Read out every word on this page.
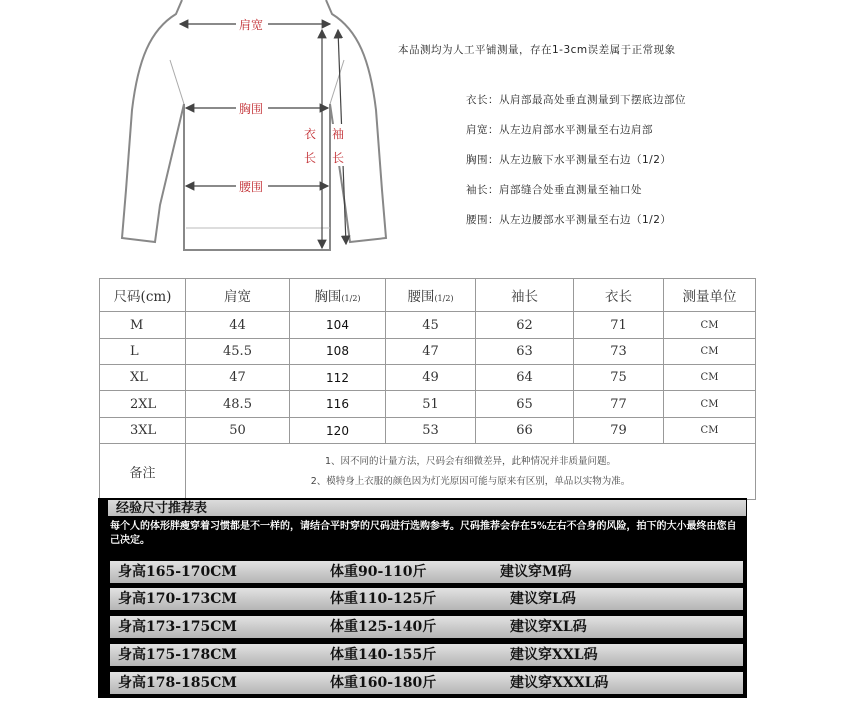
肩宽
胸围
腰围
衣
长
袖
长
本品测均为人工平铺测量，存在1-3cm误差属于正常现象
衣长：从肩部最高处垂直测量到下摆底边部位
肩宽：从左边肩部水平测量至右边肩部
胸围：从左边腋下水平测量至右边（1/2）
袖长：肩部缝合处垂直测量至袖口处
腰围：从左边腰部水平测量至右边（1/2）
尺码(cm)	肩宽	胸围(1/2)	腰围(1/2)	袖长	衣长	测量单位
M	44	104	45	62	71	CM
L	45.5	108	47	63	73	CM
XL	47	112	49	64	75	CM
2XL	48.5	116	51	65	77	CM
3XL	50	120	53	66	79	CM
备注	1、因不同的计量方法，尺码会有细微差异，此种情况并非质量问题。
2、模特身上衣服的颜色因为灯光原因可能与原来有区别，单品以实物为准。					
经验尺寸推荐表
每个人的体形胖瘦穿着习惯都是不一样的，请结合平时穿的尺码进行选购参考。尺码推荐会存在5%左右不合身的风险，拍下的大小最终由您自己决定。
身高165-170CM	体重90-110斤	建议穿M码
身高170-173CM	体重110-125斤	建议穿L码
身高173-175CM	体重125-140斤	建议穿XL码
身高175-178CM	体重140-155斤	建议穿XXL码
身高178-185CM	体重160-180斤	建议穿XXXL码
